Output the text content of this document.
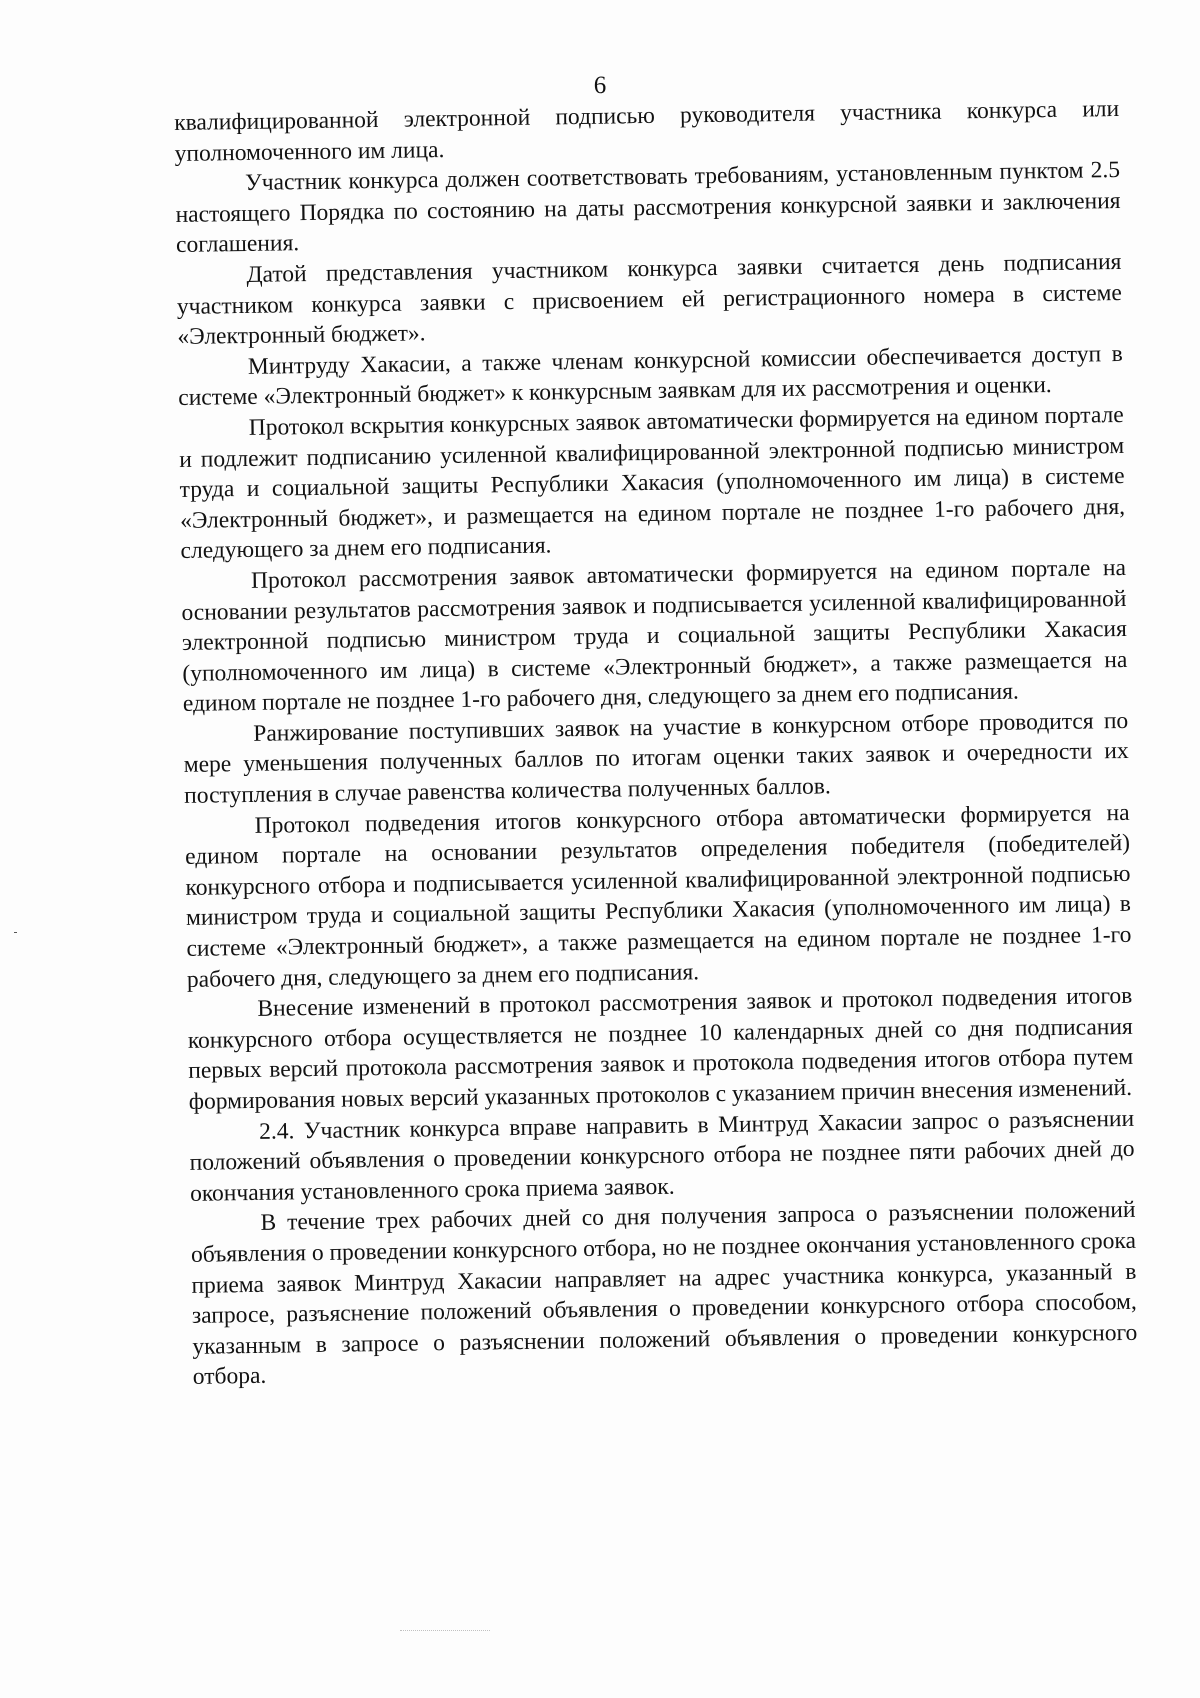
6

квалифицированной электронной подписью руководителя участника конкурса или уполномоченного им лица.

Участник конкурса должен соответствовать требованиям, установленным пунктом 2.5 настоящего Порядка по состоянию на даты рассмотрения конкурсной заявки и заключения соглашения.

Датой представления участником конкурса заявки считается день подписания участником конкурса заявки с присвоением ей регистрационного номера в системе «Электронный бюджет».

Минтруду Хакасии, а также членам конкурсной комиссии обеспечивается доступ в системе «Электронный бюджет» к конкурсным заявкам для их рассмотрения и оценки.

Протокол вскрытия конкурсных заявок автоматически формируется на едином портале и подлежит подписанию усиленной квалифицированной электронной подписью министром труда и социальной защиты Республики Хакасия (уполномоченного им лица) в системе «Электронный бюджет», и размещается на едином портале не позднее 1-го рабочего дня, следующего за днем его подписания.

Протокол рассмотрения заявок автоматически формируется на едином портале на основании результатов рассмотрения заявок и подписывается усиленной квалифицированной электронной подписью министром труда и социальной защиты Республики Хакасия (уполномоченного им лица) в системе «Электронный бюджет», а также размещается на едином портале не позднее 1-го рабочего дня, следующего за днем его подписания.

Ранжирование поступивших заявок на участие в конкурсном отборе проводится по мере уменьшения полученных баллов по итогам оценки таких заявок и очередности их поступления в случае равенства количества полученных баллов.

Протокол подведения итогов конкурсного отбора автоматически формируется на едином портале на основании результатов определения победителя (победителей) конкурсного отбора и подписывается усиленной квалифицированной электронной подписью министром труда и социальной защиты Республики Хакасия (уполномоченного им лица) в системе «Электронный бюджет», а также размещается на едином портале не позднее 1-го рабочего дня, следующего за днем его подписания.

Внесение изменений в протокол рассмотрения заявок и протокол подведения итогов конкурсного отбора осуществляется не позднее 10 календарных дней со дня подписания первых версий протокола рассмотрения заявок и протокола подведения итогов отбора путем формирования новых версий указанных протоколов с указанием причин внесения изменений.

2.4. Участник конкурса вправе направить в Минтруд Хакасии запрос о разъяснении положений объявления о проведении конкурсного отбора не позднее пяти рабочих дней до окончания установленного срока приема заявок.

В течение трех рабочих дней со дня получения запроса о разъяснении положений объявления о проведении конкурсного отбора, но не позднее окончания установленного срока приема заявок Минтруд Хакасии направляет на адрес участника конкурса, указанный в запросе, разъяснение положений объявления о проведении конкурсного отбора способом, указанным в запросе о разъяснении положений объявления о проведении конкурсного отбора.
